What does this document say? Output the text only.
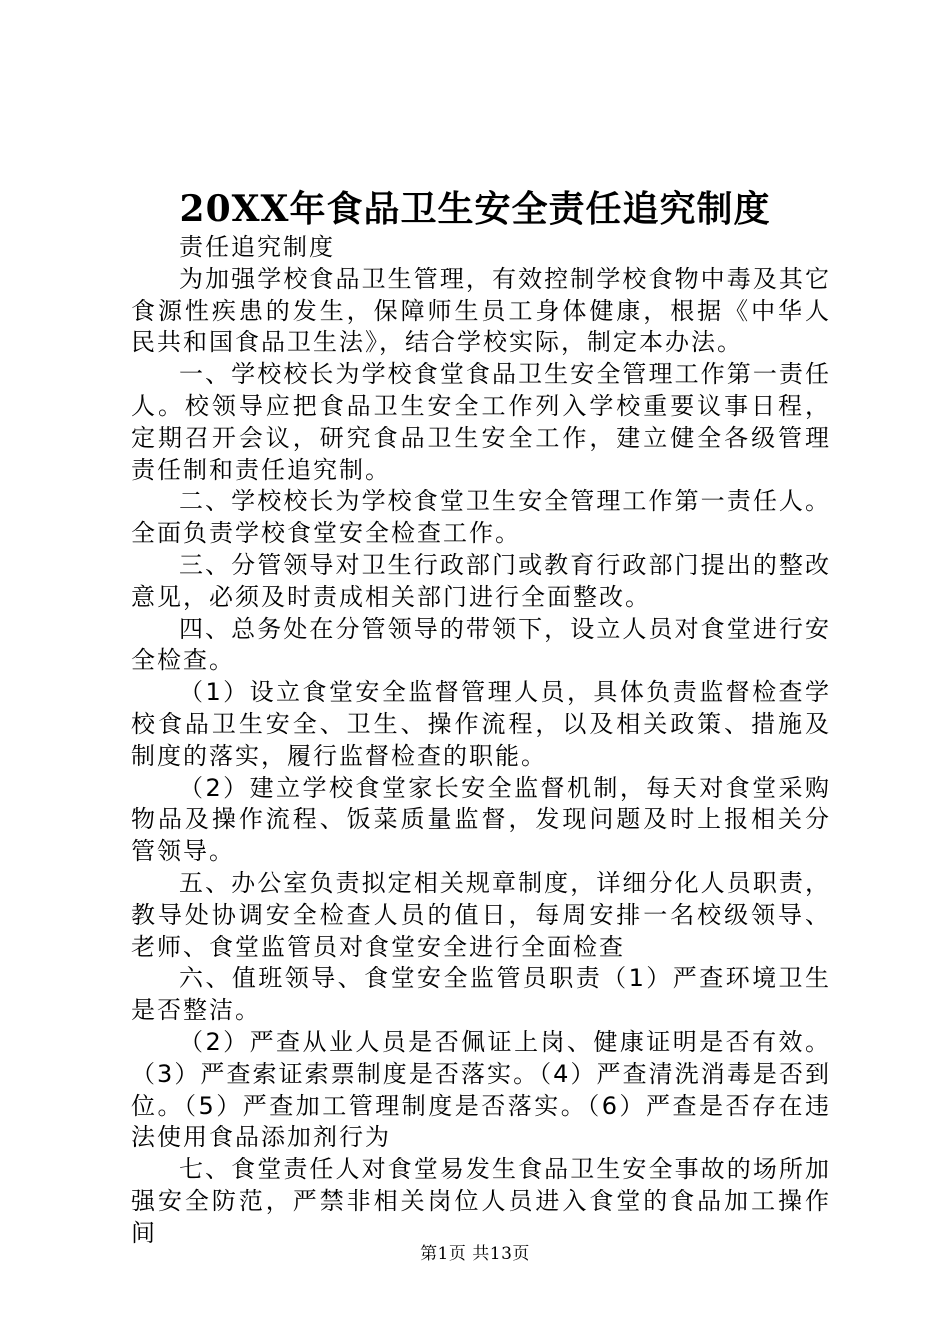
20XX年食品卫生安全责任追究制度

责任追究制度

为加强学校食品卫生管理，有效控制学校食物中毒及其它食源性疾患的发生，保障师生员工身体健康，根据《中华人民共和国食品卫生法》，结合学校实际，制定本办法。

一、学校校长为学校食堂食品卫生安全管理工作第一责任人。校领导应把食品卫生安全工作列入学校重要议事日程，定期召开会议，研究食品卫生安全工作，建立健全各级管理责任制和责任追究制。

二、学校校长为学校食堂卫生安全管理工作第一责任人。全面负责学校食堂安全检查工作。

三、分管领导对卫生行政部门或教育行政部门提出的整改意见，必须及时责成相关部门进行全面整改。

四、总务处在分管领导的带领下，设立人员对食堂进行安全检查。

（1）设立食堂安全监督管理人员，具体负责监督检查学校食品卫生安全、卫生、操作流程，以及相关政策、措施及制度的落实，履行监督检查的职能。

（2）建立学校食堂家长安全监督机制，每天对食堂采购物品及操作流程、饭菜质量监督，发现问题及时上报相关分管领导。

五、办公室负责拟定相关规章制度，详细分化人员职责，教导处协调安全检查人员的值日，每周安排一名校级领导、老师、食堂监管员对食堂安全进行全面检查

六、值班领导、食堂安全监管员职责（1）严查环境卫生是否整洁。

（2）严查从业人员是否佩证上岗、健康证明是否有效。（3）严查索证索票制度是否落实。（4）严查清洗消毒是否到位。（5）严查加工管理制度是否落实。（6）严查是否存在违法使用食品添加剂行为

七、食堂责任人对食堂易发生食品卫生安全事故的场所加强安全防范，严禁非相关岗位人员进入食堂的食品加工操作间

第1页 共13页
